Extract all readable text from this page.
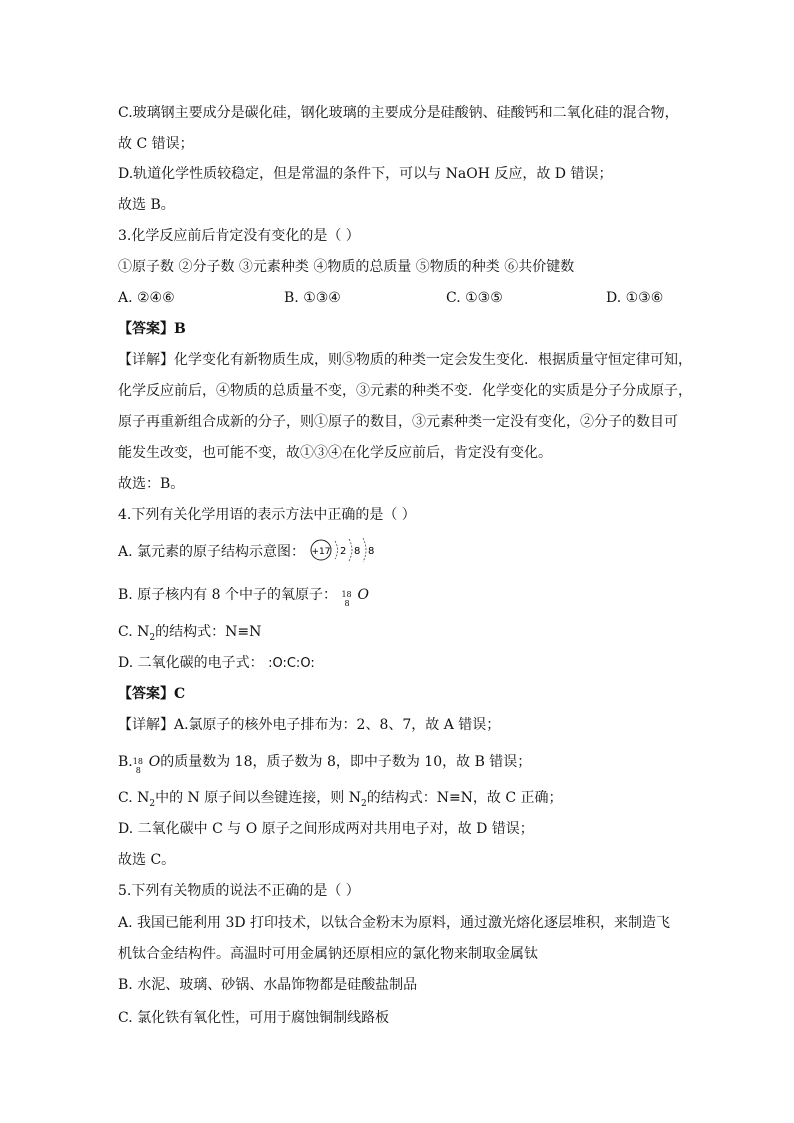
C.玻璃钢主要成分是碳化硅，钢化玻璃的主要成分是硅酸钠、硅酸钙和二氧化硅的混合物，
故 C 错误；
D.轨道化学性质较稳定，但是常温的条件下，可以与 NaOH 反应，故 D 错误；
故选 B。
3.化学反应前后肯定没有变化的是（ ）
①原子数 ②分子数 ③元素种类 ④物质的总质量 ⑤物质的种类 ⑥共价键数
A. ②④⑥	B. ①③④	C. ①③⑤	D. ①③⑥
【答案】B
【详解】化学变化有新物质生成，则⑤物质的种类一定会发生变化．根据质量守恒定律可知，
化学反应前后，④物质的总质量不变，③元素的种类不变．化学变化的实质是分子分成原子，
原子再重新组合成新的分子，则①原子的数目，③元素种类一定没有变化，②分子的数目可
能发生改变，也可能不变，故①③④在化学反应前后，肯定没有变化。
故选：B。
4.下列有关化学用语的表示方法中正确的是（ ）
A. 氯元素的原子结构示意图： +17 2 8 8
B. 原子核内有 8 个中子的氧原子： 18
8
O
C. $N_2$的结构式：N≡N
D. 二氧化碳的电子式： :O:C:O:
【答案】C
【详解】A.氯原子的核外电子排布为：2、8、7，故 A 错误；
B. 18
8
O的质量数为 18，质子数为 8，即中子数为 10，故 B 错误；
C. $N_2$中的 N 原子间以叁键连接，则 $N_2$的结构式：N≡N，故 C 正确；
D. 二氧化碳中 C 与 O 原子之间形成两对共用电子对，故 D 错误；
故选 C。
5.下列有关物质的说法不正确的是（ ）
A. 我国已能利用 3D 打印技术，以钛合金粉末为原料，通过激光熔化逐层堆积，来制造飞
机钛合金结构件。高温时可用金属钠还原相应的氯化物来制取金属钛
B. 水泥、玻璃、砂锅、水晶饰物都是硅酸盐制品
C. 氯化铁有氧化性，可用于腐蚀铜制线路板
